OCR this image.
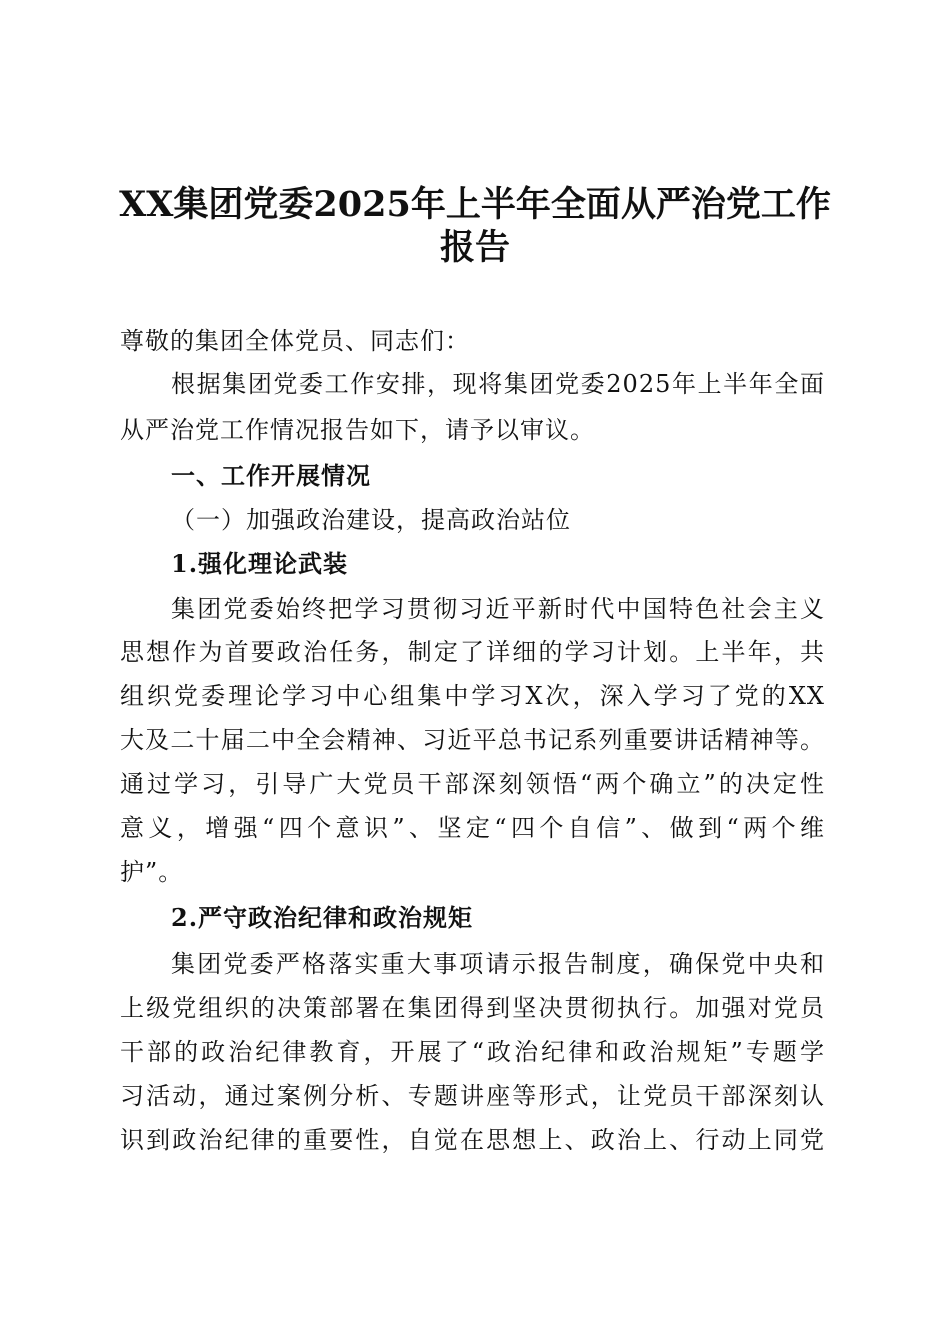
XX集团党委2025年上半年全面从严治党工作
报告
尊敬的集团全体党员、同志们：
根据集团党委工作安排，现将集团党委2025年上半年全面
从严治党工作情况报告如下，请予以审议。
一、工作开展情况
（一）加强政治建设，提高政治站位
1.强化理论武装
集团党委始终把学习贯彻习近平新时代中国特色社会主义
思想作为首要政治任务，制定了详细的学习计划。上半年，共
组织党委理论学习中心组集中学习X次，深入学习了党的XX
大及二十届二中全会精神、习近平总书记系列重要讲话精神等。
通过学习，引导广大党员干部深刻领悟“两个确立”的决定性
意义，增强“四个意识”、坚定“四个自信”、做到“两个维
护”。
2.严守政治纪律和政治规矩
集团党委严格落实重大事项请示报告制度，确保党中央和
上级党组织的决策部署在集团得到坚决贯彻执行。加强对党员
干部的政治纪律教育，开展了“政治纪律和政治规矩”专题学
习活动，通过案例分析、专题讲座等形式，让党员干部深刻认
识到政治纪律的重要性，自觉在思想上、政治上、行动上同党
